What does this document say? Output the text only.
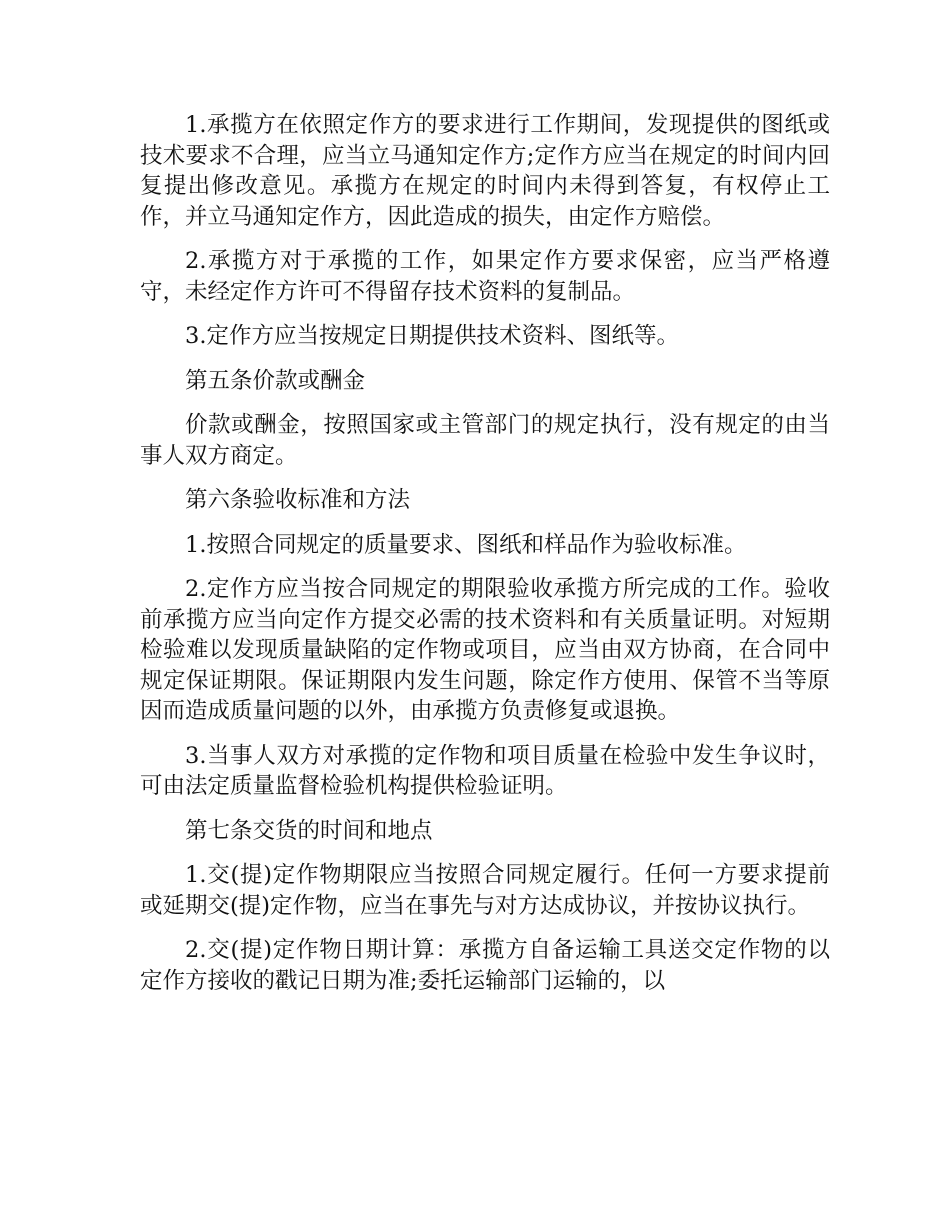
1.承揽方在依照定作方的要求进行工作期间，发现提供的图纸或技术要求不合理，应当立马通知定作方;定作方应当在规定的时间内回复提出修改意见。承揽方在规定的时间内未得到答复，有权停止工作，并立马通知定作方，因此造成的损失，由定作方赔偿。

2.承揽方对于承揽的工作，如果定作方要求保密，应当严格遵守，未经定作方许可不得留存技术资料的复制品。

3.定作方应当按规定日期提供技术资料、图纸等。

第五条价款或酬金

价款或酬金，按照国家或主管部门的规定执行，没有规定的由当事人双方商定。

第六条验收标准和方法

1.按照合同规定的质量要求、图纸和样品作为验收标准。

2.定作方应当按合同规定的期限验收承揽方所完成的工作。验收前承揽方应当向定作方提交必需的技术资料和有关质量证明。对短期检验难以发现质量缺陷的定作物或项目，应当由双方协商，在合同中规定保证期限。保证期限内发生问题，除定作方使用、保管不当等原因而造成质量问题的以外，由承揽方负责修复或退换。

3.当事人双方对承揽的定作物和项目质量在检验中发生争议时，可由法定质量监督检验机构提供检验证明。

第七条交货的时间和地点

1.交(提)定作物期限应当按照合同规定履行。任何一方要求提前或延期交(提)定作物，应当在事先与对方达成协议，并按协议执行。

2.交(提)定作物日期计算：承揽方自备运输工具送交定作物的以定作方接收的戳记日期为准;委托运输部门运输的，以
